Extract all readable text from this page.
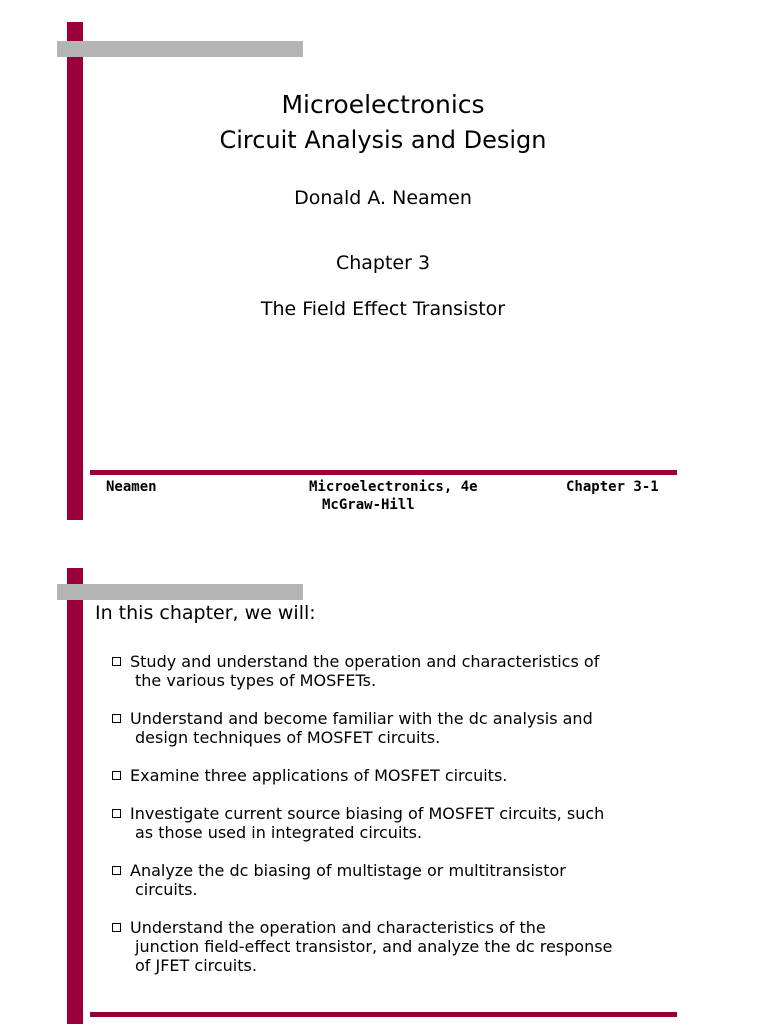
Microelectronics
Circuit Analysis and Design
Donald A. Neamen
Chapter 3
The Field Effect Transistor
Neamen	Microelectronics, 4e
McGraw-Hill
Chapter 3-1
In this chapter, we will:
Study and understand the operation and characteristics of
the various types of MOSFETs.
Understand and become familiar with the dc analysis and
design techniques of MOSFET circuits.
Examine three applications of MOSFET circuits.
Investigate current source biasing of MOSFET circuits, such
as those used in integrated circuits.
Analyze the dc biasing of multistage or multitransistor
circuits.
Understand the operation and characteristics of the
junction field-effect transistor, and analyze the dc response
of JFET circuits.
